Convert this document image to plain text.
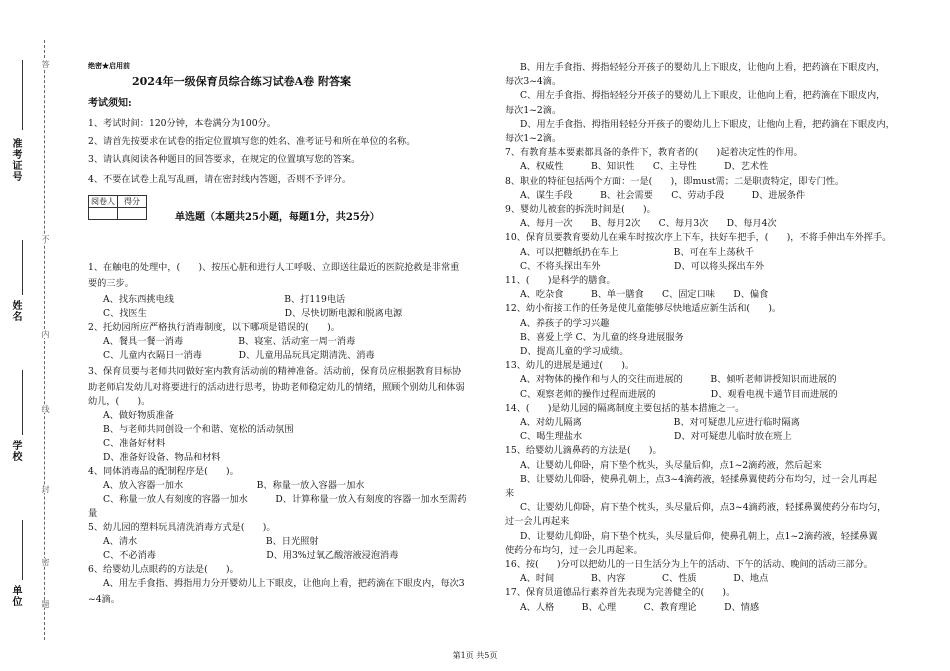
准考证号
姓名
学校
单位
答
不
内
线
封
密
题
绝密★启用前
2024年一级保育员综合练习试卷A卷 附答案
考试须知:
1、考试时间：120分钟，本卷满分为100分。
2、请首先按要求在试卷的指定位置填写您的姓名、准考证号和所在单位的名称。
3、请认真阅读各种题目的回答要求，在规定的位置填写您的答案。
4、不要在试卷上乱写乱画，请在密封线内答题，否则不予评分。
单选题（本题共25小题，每题1分，共25分）
1、在触电的处理中，(　　)、按压心脏和进行人工呼吸、立即送往最近的医院抢救是非常重
要的三步。
A、找东西挑电线　　　　　　　　　　　　B、打119电话
C、找医生　　　　　　　　　　　　　　　D、尽快切断电源和脱离电源
2、托幼园所应严格执行消毒制度，以下哪项是错误的(　　)。
A、餐具一餐一消毒　　　　　　B、寝室、活动室一周一消毒
C、儿童内衣隔日一消毒　　　　D、儿童用品玩具定期清洗、消毒
3、保育员要与老师共同做好室内教育活动前的精神准备。活动前，保育员应根据教育目标协
助老师启发幼儿对将要进行的活动进行思考，协助老师稳定幼儿的情绪，照顾个别幼儿和体弱
幼儿，(　　)。
A、做好物质准备
B、与老师共同创设一个和谐、宽松的活动氛围
C、准备好材料
D、准备好设备、物品和材料
4、同体消毒品的配制程序是(　　)。
A、放入容器一加水　　　　　　　　B、称量一放入容器一加水
C、称量一放人有刻度的容器一加水　　　D、计算称量一放入有刻度的容器一加水至需药
量
5、幼儿园的塑料玩具清洗消毒方式是(　　)。
A、清水　　　　　　　　　　　　　　B、日光照射
C、不必消毒　　　　　　　　　　　　D、用3%过氧乙酸溶液浸泡消毒
6、给婴幼儿点眼药的方法是(　　)。
A、用左手食指、拇指用力分开婴幼儿上下眼皮，让他向上看，把药滴在下眼皮内，每次3
~4滴。
阅卷人	得分

B、用左手食指、拇指轻轻分开孩子的婴幼儿上下眼皮，让他向上看，把药滴在下眼皮内，
每次3~4滴。
C、用左手食指、拇指轻轻分开孩子的婴幼儿上下眼皮，让他向上看，把药滴在下眼皮内，
每次1~2滴。
D、用左手食指、拇指用轻轻分开孩子的婴幼儿上下眼皮，让他向上看，把药滴在下眼皮内，
每次1~2滴。
7、有教育基本要素都具备的条件下，教育者的(　　)起着决定性的作用。
A、权威性　　　B、知识性　　C、主导性　　　D、艺术性
8、职业的特征包括两个方面：一是(　　)，即must需；二是职责特定，即专门性。
A、谋生手段　　　B、社会需要　　C、劳动手段　　　D、进展条件
9、婴幼儿被套的拆洗时间是(　　)。
A、每月一次　　B、每月2次　　C、每月3次　　D、每月4次
10、保育员要教育要幼儿在乘车时按次序上下车，扶好车把手，(　　)，不将手伸出车外挥手。
A、可以把糖纸扔在车上　　　　　　B、可在车上荡秋千
C、不将头探出车外　　　　　　　　D、可以将头探出车外
11、(　　)是科学的膳食。
A、吃杂食　　　B、单一膳食　　C、固定口味　　D、偏食
12、幼小衔接工作的任务是使儿童能够尽快地适应新生活和(　　)。
A、养孩子的学习兴趣
B、喜爱上学 C、为儿童的终身进展服务
D、提高儿童的学习成绩。
13、幼儿的进展是通过(　　)。
A、对物体的操作和与人的交往而进展的　　　B、倾听老师讲授知识而进展的
C、观察老师的操作过程而进展的　　　　　　D、观看电视卡通节目而进展的
14、(　　)是幼儿园的隔离制度主要包括的基本措施之一。
A、对幼儿隔离　　　　　　　　　　B、对可疑患儿应进行临时隔离
C、喝生理盐水　　　　　　　　　　D、对可疑患儿临时放在班上
15、给婴幼儿滴鼻药的方法是(　　)。
A、让婴幼儿仰卧，肩下垫个枕头，头尽量后仰，点1~2滴药液，然后起来
B、让婴幼儿仰卧，使鼻孔朝上，点3~4滴药液，轻揉鼻翼使药分布均匀，过一会儿再起
来
C、让婴幼儿仰卧，肩下垫个枕头，头尽量后仰，点3~4滴药液，轻揉鼻翼使药分布均匀，
过一会儿再起来
D、让婴幼儿仰卧，肩下垫个枕头，头尽量后仰，使鼻孔朝上，点1~2滴药液，轻揉鼻翼
使药分布均匀，过一会儿再起来。
16、按(　　)分可以把幼儿的一日生活分为上午的活动、下午的活动、晚间的活动三部分。
A、时间　　　　B、内容　　　　C、性质　　　　D、地点
17、保育员道德品行素养首先表现为完善健全的(　　)。
A、人格　　　B、心理　　　C、教育理论　　　D、情感
第1页 共5页
